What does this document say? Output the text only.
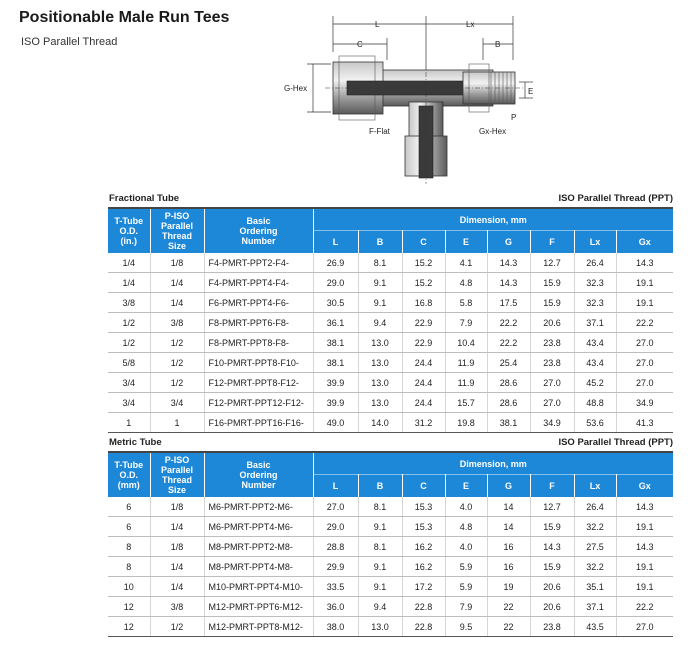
Positionable Male Run Tees
ISO Parallel Thread
L	Lx
C	B
G-Hex	E
P
F-Flat	Gx-Hex
Fractional Tube	ISO Parallel Thread (PPT)
T-Tube
O.D.
(in.)	P-ISO Parallel
Thread
Size	Basic
Ordering
Number	Dimension, mm							
			L	B	C	E	G	F	Lx	Gx
1/4	1/8	F4-PMRT-PPT2-F4-	26.9	8.1	15.2	4.1	14.3	12.7	26.4	14.3
1/4	1/4	F4-PMRT-PPT4-F4-	29.0	9.1	15.2	4.8	14.3	15.9	32.3	19.1
3/8	1/4	F6-PMRT-PPT4-F6-	30.5	9.1	16.8	5.8	17.5	15.9	32.3	19.1
1/2	3/8	F8-PMRT-PPT6-F8-	36.1	9.4	22.9	7.9	22.2	20.6	37.1	22.2
1/2	1/2	F8-PMRT-PPT8-F8-	38.1	13.0	22.9	10.4	22.2	23.8	43.4	27.0
5/8	1/2	F10-PMRT-PPT8-F10-	38.1	13.0	24.4	11.9	25.4	23.8	43.4	27.0
3/4	1/2	F12-PMRT-PPT8-F12-	39.9	13.0	24.4	11.9	28.6	27.0	45.2	27.0
3/4	3/4	F12-PMRT-PPT12-F12-	39.9	13.0	24.4	15.7	28.6	27.0	48.8	34.9
1	1	F16-PMRT-PPT16-F16-	49.0	14.0	31.2	19.8	38.1	34.9	53.6	41.3
Metric Tube	ISO Parallel Thread (PPT)
T-Tube
O.D.
(mm)	P-ISO Parallel
Thread
Size	Basic
Ordering
Number	Dimension, mm							
			L	B	C	E	G	F	Lx	Gx
6	1/8	M6-PMRT-PPT2-M6-	27.0	8.1	15.3	4.0	14	12.7	26.4	14.3
6	1/4	M6-PMRT-PPT4-M6-	29.0	9.1	15.3	4.8	14	15.9	32.2	19.1
8	1/8	M8-PMRT-PPT2-M8-	28.8	8.1	16.2	4.0	16	14.3	27.5	14.3
8	1/4	M8-PMRT-PPT4-M8-	29.9	9.1	16.2	5.9	16	15.9	32.2	19.1
10	1/4	M10-PMRT-PPT4-M10-	33.5	9.1	17.2	5.9	19	20.6	35.1	19.1
12	3/8	M12-PMRT-PPT6-M12-	36.0	9.4	22.8	7.9	22	20.6	37.1	22.2
12	1/2	M12-PMRT-PPT8-M12-	38.0	13.0	22.8	9.5	22	23.8	43.5	27.0
